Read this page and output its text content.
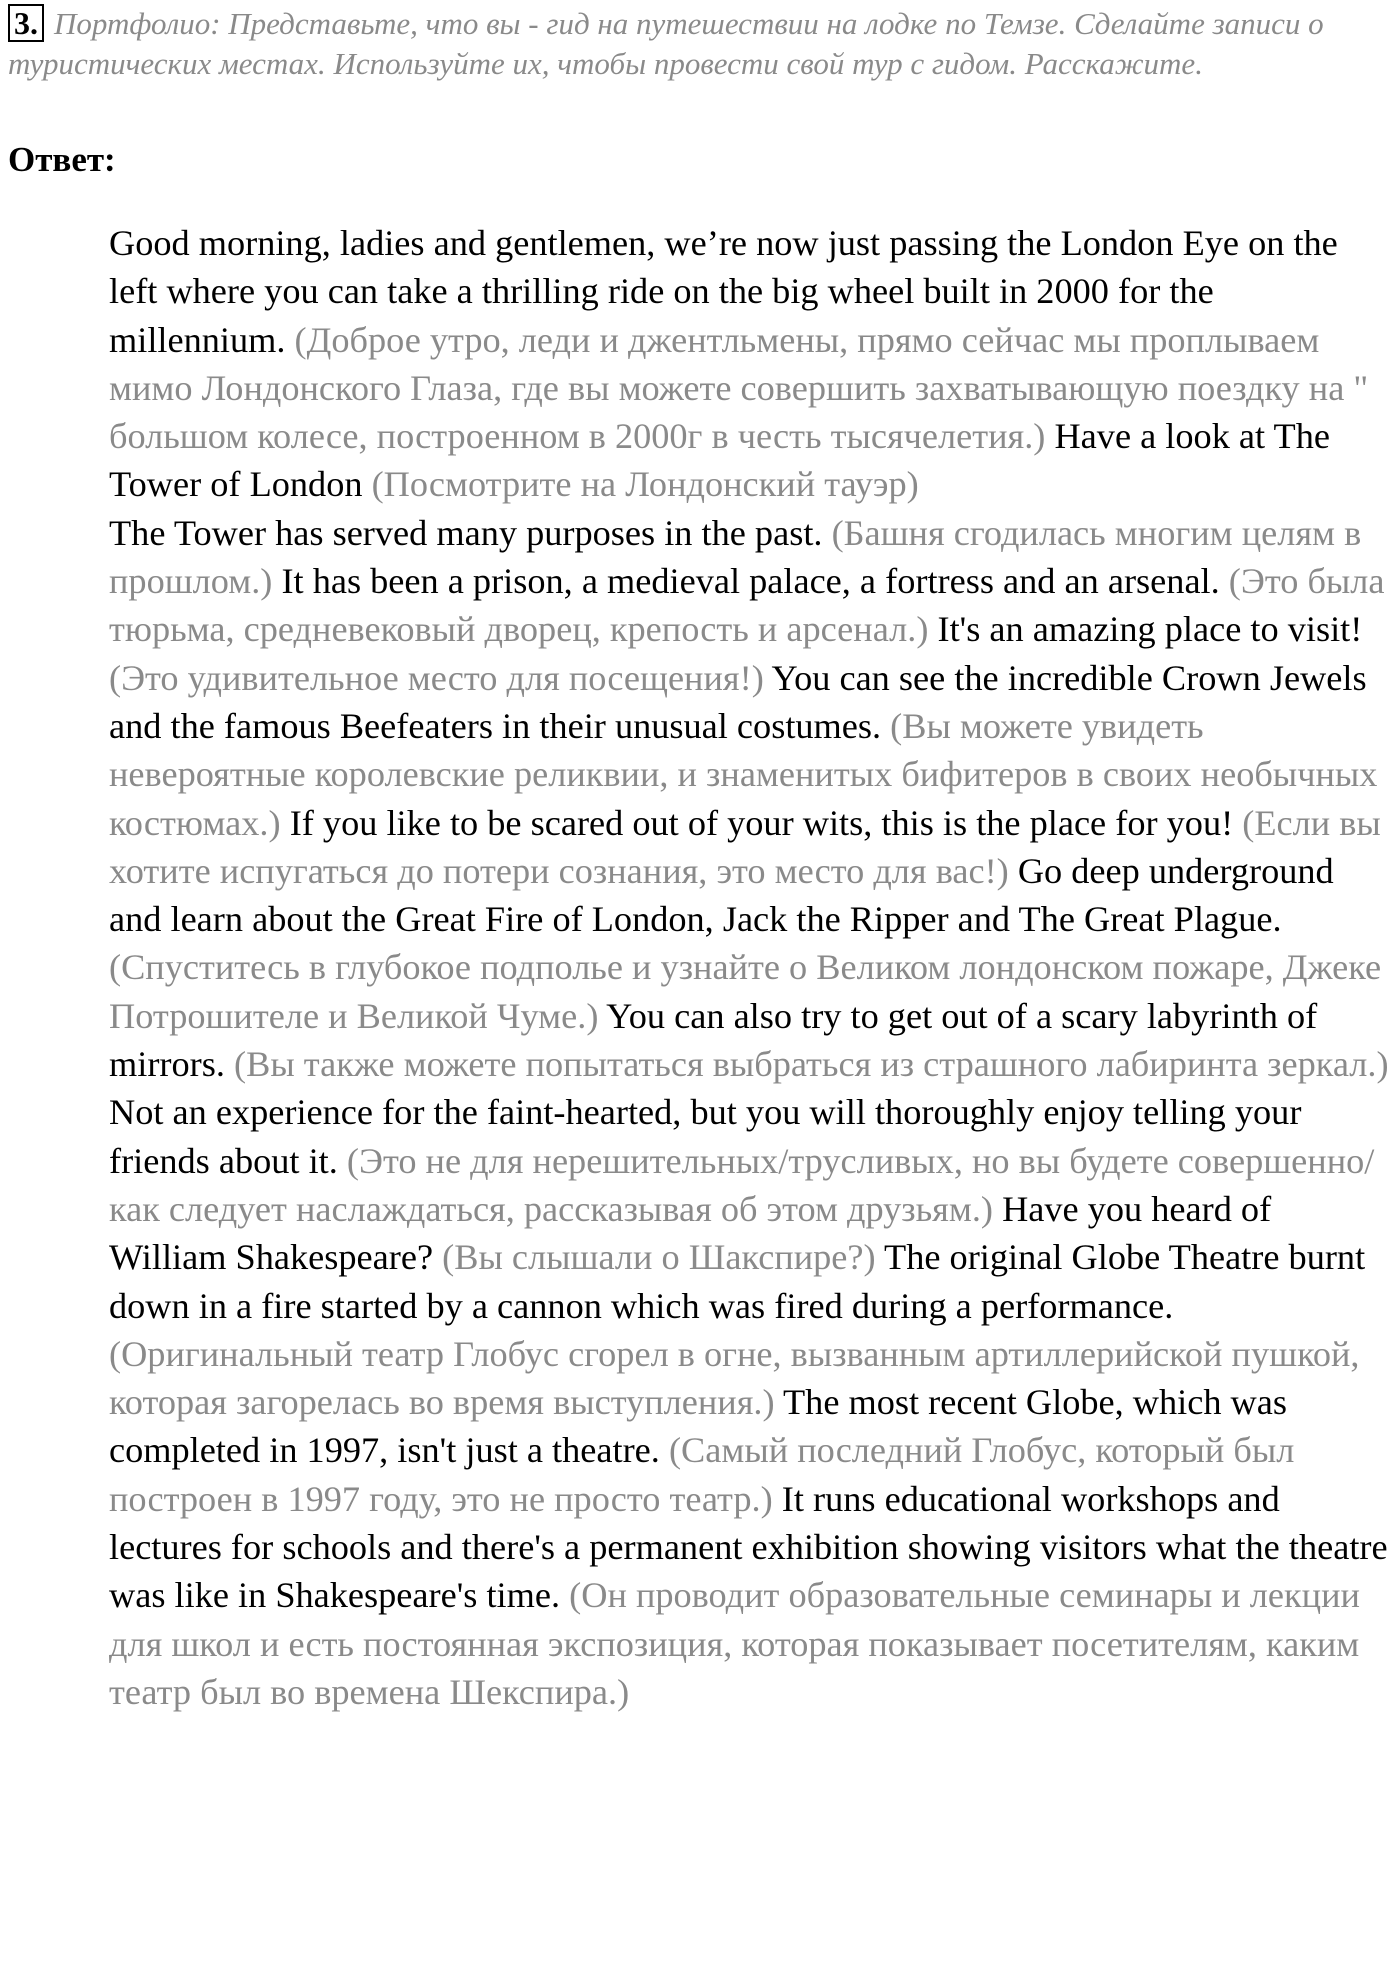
3. Портфолио: Представьте, что вы - гид на путешествии на лодке по Темзе. Сделайте записи о туристических местах. Используйте их, чтобы провести свой тур с гидом. Расскажите.
Ответ:
Good morning, ladies and gentlemen, we’re now just passing the London Eye on the left where you can take a thrilling ride on the big wheel built in 2000 for the millennium. (Доброе утро, леди и джентльмены, прямо сейчас мы проплываем мимо Лондонского Глаза, где вы можете совершить захватывающую поездку на " большом колесе, построенном в 2000г в честь тысячелетия.) Have a look at The Tower of London (Посмотрите на Лондонский тауэр)
The Tower has served many purposes in the past. (Башня сгодилась многим целям в прошлом.) It has been a prison, a medieval palace, a fortress and an arsenal. (Это была тюрьма, средневековый дворец, крепость и арсенал.) It's an amazing place to visit! (Это удивительное место для посещения!) You can see the incredible Crown Jewels and the famous Beefeaters in their unusual costumes. (Вы можете увидеть невероятные королевские реликвии, и знаменитых бифитеров в своих необычных костюмах.) If you like to be scared out of your wits, this is the place for you! (Если вы хотите испугаться до потери сознания, это место для вас!) Go deep underground and learn about the Great Fire of London, Jack the Ripper and The Great Plague. (Спуститесь в глубокое подполье и узнайте о Великом лондонском пожаре, Джеке Потрошителе и Великой Чуме.) You can also try to get out of a scary labyrinth of mirrors. (Вы также можете попытаться выбраться из страшного лабиринта зеркал.) Not an experience for the faint-hearted, but you will thoroughly enjoy telling your friends about it. (Это не для нерешительных/трусливых, но вы будете совершенно/как следует наслаждаться, рассказывая об этом друзьям.) Have you heard of William Shakespeare? (Вы слышали о Шакспире?) The original Globe Theatre burnt down in a fire started by a cannon which was fired during a performance. (Оригинальный театр Глобус сгорел в огне, вызванным артиллерийской пушкой, которая загорелась во время выступления.) The most recent Globe, which was completed in 1997, isn't just a theatre. (Самый последний Глобус, который был построен в 1997 году, это не просто театр.) It runs educational workshops and lectures for schools and there's a permanent exhibition showing visitors what the theatre was like in Shakespeare's time. (Он проводит образовательные семинары и лекции для школ и есть постоянная экспозиция, которая показывает посетителям, каким театр был во времена Шекспира.)
